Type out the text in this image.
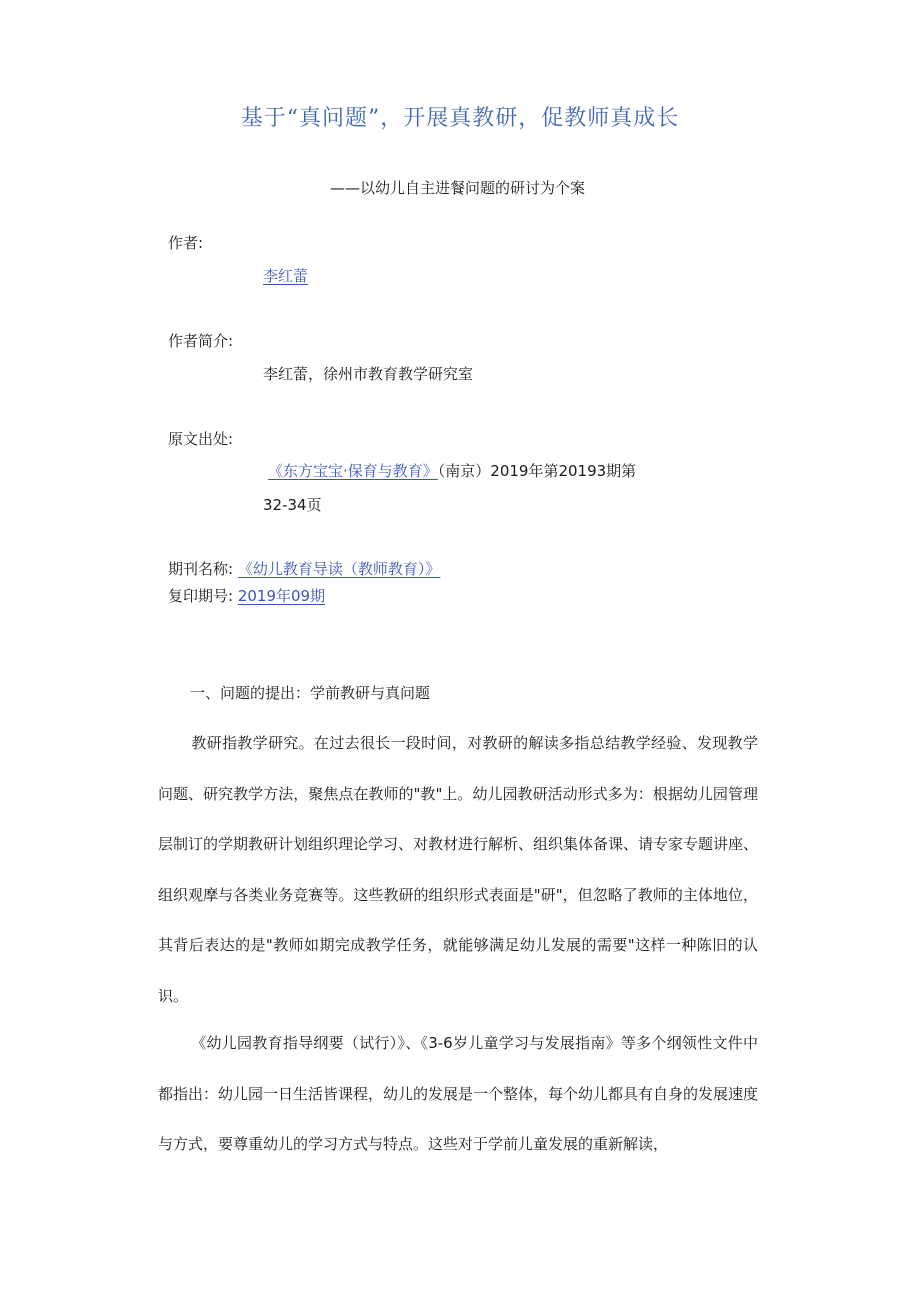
基于“真问题”，开展真教研，促教师真成长
——以幼儿自主进餐问题的研讨为个案
作者:
李红蕾
作者简介:
李红蕾，徐州市教育教学研究室
原文出处:
《东方宝宝·保育与教育》（南京）2019年第20193期第
32-34页
期刊名称: 《幼儿教育导读（教师教育）》
复印期号: 2019年09期
一、问题的提出：学前教研与真问题
教研指教学研究。在过去很长一段时间，对教研的解读多指总结教学经验、发现教学问题、研究教学方法，聚焦点在教师的"教"上。幼儿园教研活动形式多为：根据幼儿园管理层制订的学期教研计划组织理论学习、对教材进行解析、组织集体备课、请专家专题讲座、组织观摩与各类业务竞赛等。这些教研的组织形式表面是"研"，但忽略了教师的主体地位，其背后表达的是"教师如期完成教学任务，就能够满足幼儿发展的需要"这样一种陈旧的认识。
《幼儿园教育指导纲要（试行）》、《3-6岁儿童学习与发展指南》等多个纲领性文件中都指出：幼儿园一日生活皆课程，幼儿的发展是一个整体，每个幼儿都具有自身的发展速度与方式，要尊重幼儿的学习方式与特点。这些对于学前儿童发展的重新解读，
